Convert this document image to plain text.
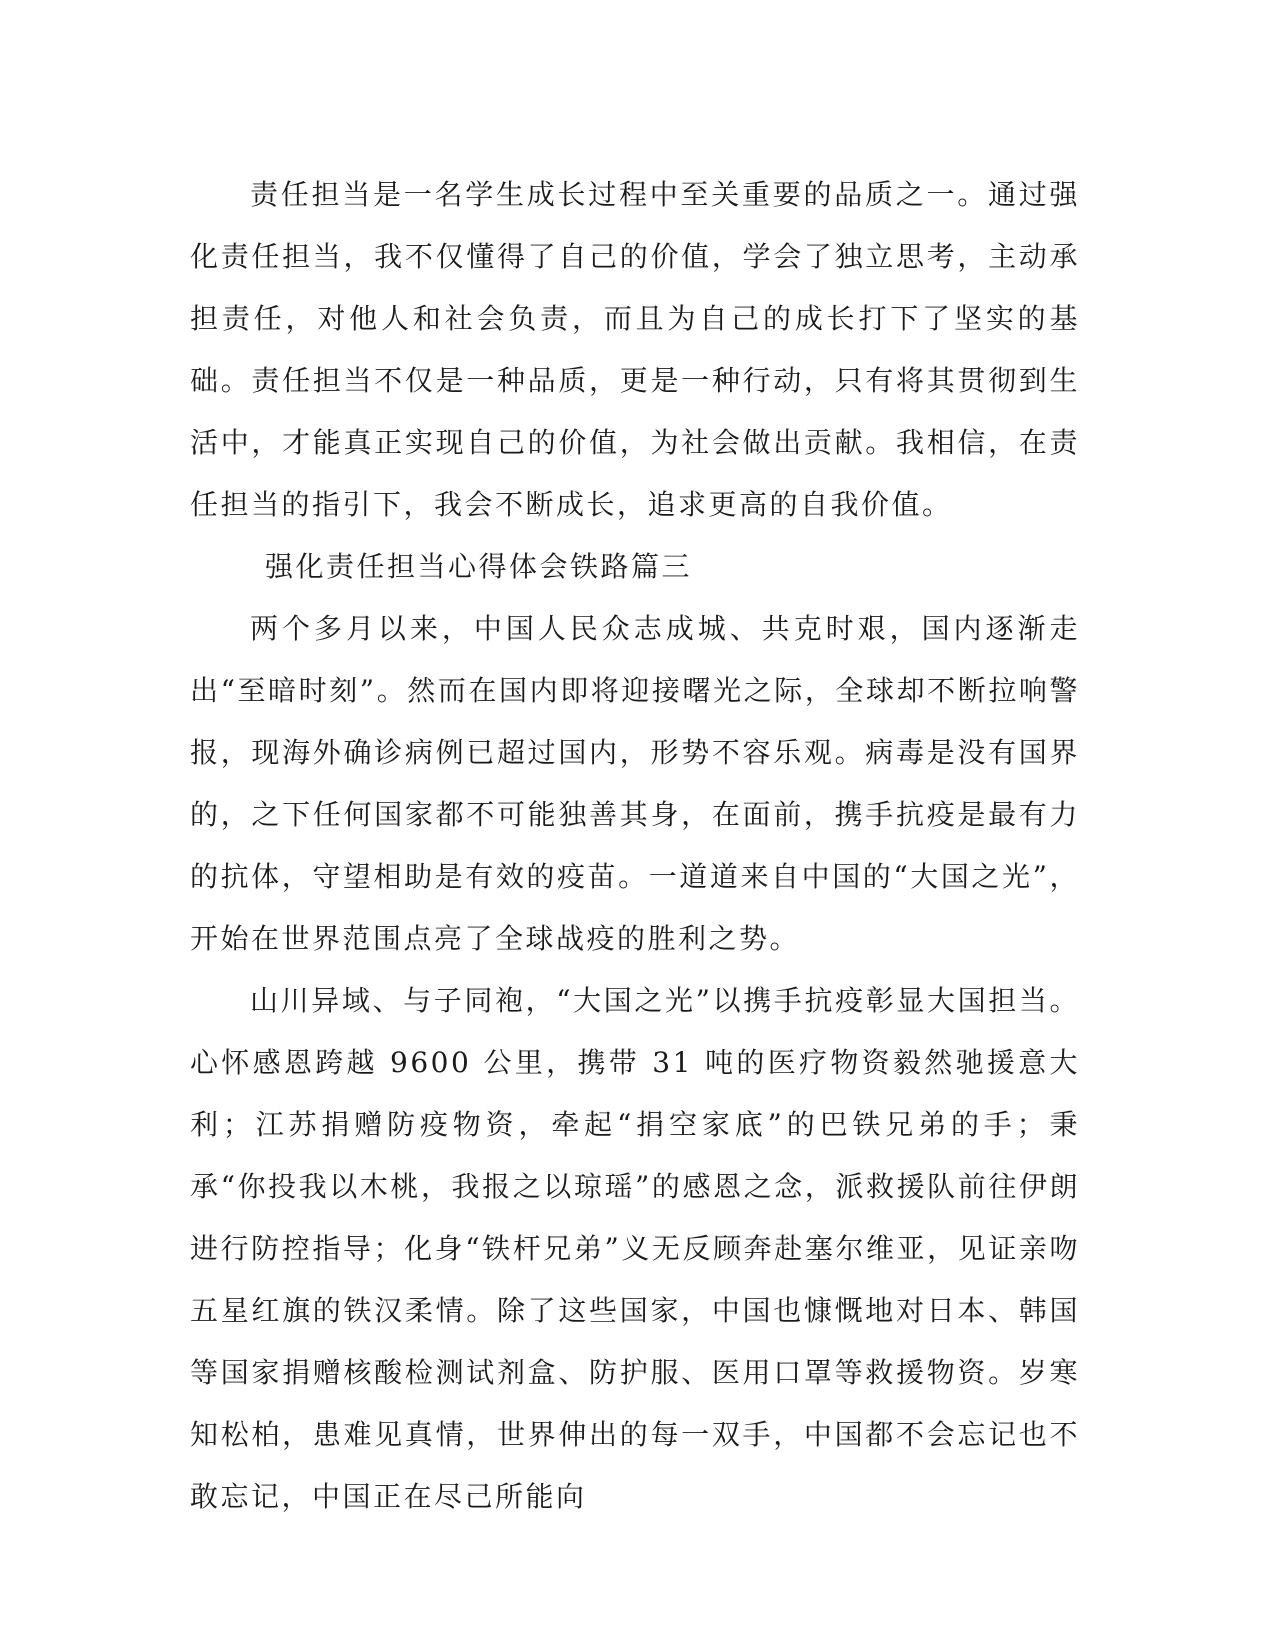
责任担当是一名学生成长过程中至关重要的品质之一。通过强化责任担当，我不仅懂得了自己的价值，学会了独立思考，主动承担责任，对他人和社会负责，而且为自己的成长打下了坚实的基础。责任担当不仅是一种品质，更是一种行动，只有将其贯彻到生活中，才能真正实现自己的价值，为社会做出贡献。我相信，在责任担当的指引下，我会不断成长，追求更高的自我价值。

强化责任担当心得体会铁路篇三

两个多月以来，中国人民众志成城、共克时艰，国内逐渐走出“至暗时刻”。然而在国内即将迎接曙光之际，全球却不断拉响警报，现海外确诊病例已超过国内，形势不容乐观。病毒是没有国界的，之下任何国家都不可能独善其身，在面前，携手抗疫是最有力的抗体，守望相助是有效的疫苗。一道道来自中国的“大国之光”，开始在世界范围点亮了全球战疫的胜利之势。

山川异域、与子同袍，“大国之光”以携手抗疫彰显大国担当。心怀感恩跨越 9600 公里，携带 31 吨的医疗物资毅然驰援意大利；江苏捐赠防疫物资，牵起“捐空家底”的巴铁兄弟的手；秉承“你投我以木桃，我报之以琼瑶”的感恩之念，派救援队前往伊朗进行防控指导；化身“铁杆兄弟”义无反顾奔赴塞尔维亚，见证亲吻五星红旗的铁汉柔情。除了这些国家，中国也慷慨地对日本、韩国等国家捐赠核酸检测试剂盒、防护服、医用口罩等救援物资。岁寒知松柏，患难见真情，世界伸出的每一双手，中国都不会忘记也不敢忘记，中国正在尽己所能向
